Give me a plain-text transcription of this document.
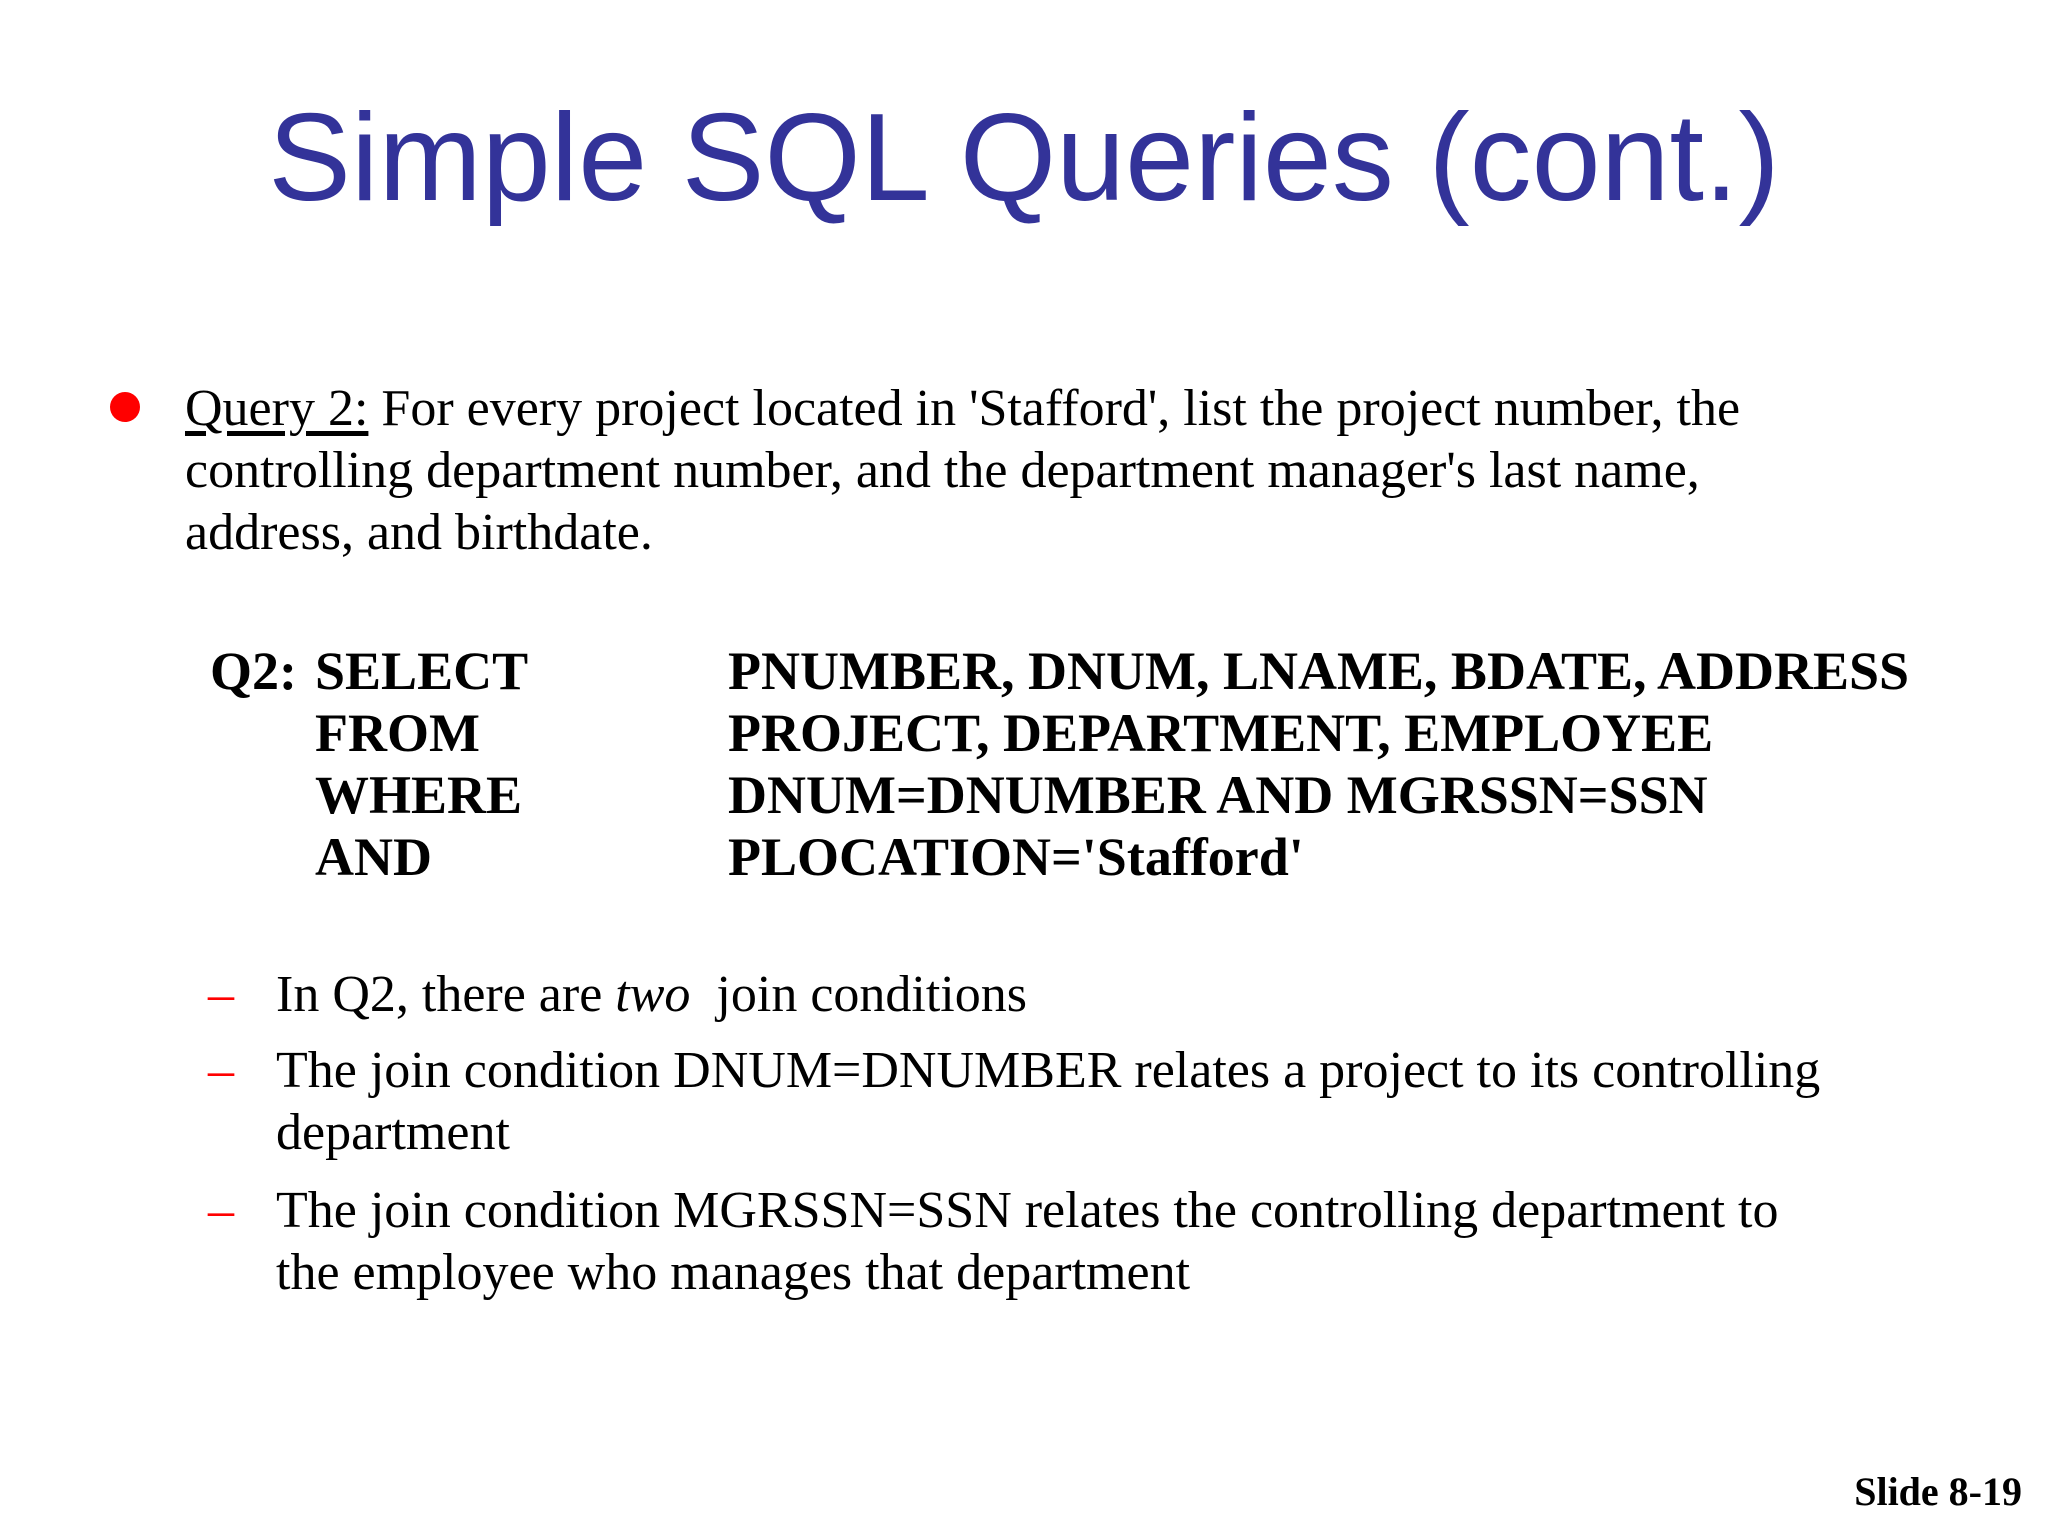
Simple SQL Queries (cont.)
Query 2: For every project located in 'Stafford', list the project number, the
controlling department number, and the department manager's last name,
address, and birthdate.
Q2: SELECT	PNUMBER, DNUM, LNAME, BDATE, ADDRESS
FROM	PROJECT, DEPARTMENT, EMPLOYEE
WHERE	DNUM=DNUMBER AND MGRSSN=SSN
AND	PLOCATION='Stafford'
– In Q2, there are two  join conditions
– The join condition DNUM=DNUMBER relates a project to its controlling
department
– The join condition MGRSSN=SSN relates the controlling department to
the employee who manages that department
Slide 8-19
